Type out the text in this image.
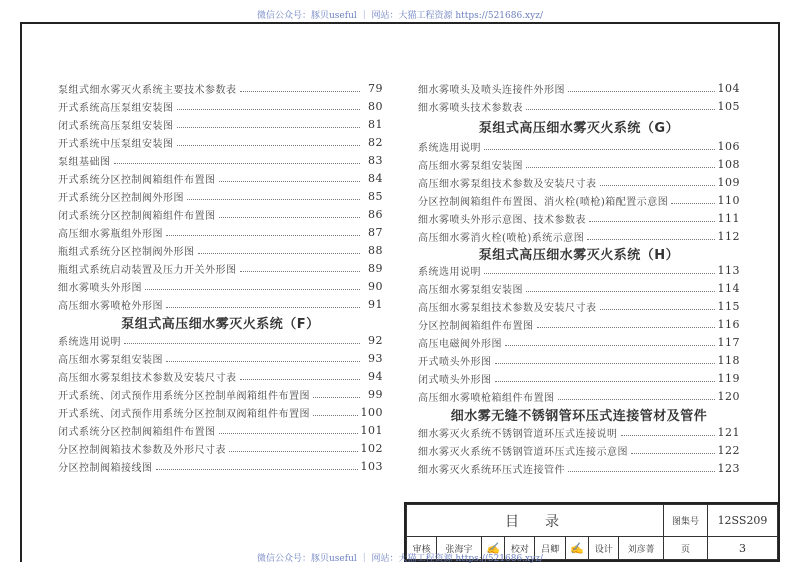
微信公众号：豚贝useful ｜ 网站：大猫工程资源 https://521686.xyz/

泵组式细水雾灭火系统主要技术参数表	79
开式系统高压泵组安装图	80
闭式系统高压泵组安装图	81
开式系统中压泵组安装图	82
泵组基础图	83
开式系统分区控制阀箱组件布置图	84
开式系统分区控制阀外形图	85
闭式系统分区控制阀箱组件布置图	86
高压细水雾瓶组外形图	87
瓶组式系统分区控制阀外形图	88
瓶组式系统启动装置及压力开关外形图	89
细水雾喷头外形图	90
高压细水雾喷枪外形图	91
泵组式高压细水雾灭火系统（F）
系统选用说明	92
高压细水雾泵组安装图	93
高压细水雾泵组技术参数及安装尺寸表	94
开式系统、闭式预作用系统分区控制单阀箱组件布置图	99
开式系统、闭式预作用系统分区控制双阀箱组件布置图	100
闭式系统分区控制阀箱组件布置图	101
分区控制阀箱技术参数及外形尺寸表	102
分区控制阀箱接线图	103
细水雾喷头及喷头连接件外形图	104
细水雾喷头技术参数表	105
泵组式高压细水雾灭火系统（G）
系统选用说明	106
高压细水雾泵组安装图	108
高压细水雾泵组技术参数及安装尺寸表	109
分区控制阀箱组件布置图、消火栓(喷枪)箱配置示意图	110
细水雾喷头外形示意图、技术参数表	111
高压细水雾消火栓(喷枪)系统示意图	112
泵组式高压细水雾灭火系统（H）
系统选用说明	113
高压细水雾泵组安装图	114
高压细水雾泵组技术参数及安装尺寸表	115
分区控制阀箱组件布置图	116
高压电磁阀外形图	117
开式喷头外形图	118
闭式喷头外形图	119
高压细水雾喷枪箱组件布置图	120
细水雾无缝不锈钢管环压式连接管材及管件
细水雾灭火系统不锈钢管道环压式连接说明	121
细水雾灭火系统不锈钢管道环压式连接示意图	122
细水雾灭火系统环压式连接管件	123
目　录								图集号	12SS209
审核	张海宇	✍	校对	吕卿	✍	设计	刘彦菁	页	3
微信公众号：豚贝useful ｜ 网站：大猫工程资源 https://521686.xyz/
